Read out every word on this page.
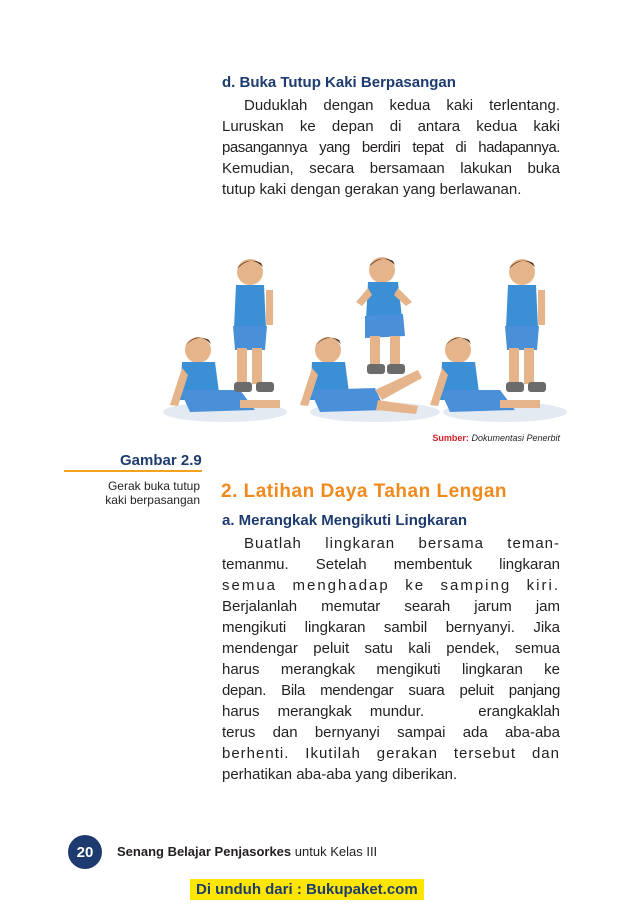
d. Buka Tutup Kaki Berpasangan
Duduklah dengan kedua kaki terlentang.
Luruskan ke depan di antara kedua kaki
pasangannya yang berdiri tepat di hadapannya.
Kemudian, secara bersamaan lakukan buka
tutup kaki dengan gerakan yang berlawanan.
Sumber: Dokumentasi Penerbit
Gambar 2.9
Gerak buka tutup
kaki berpasangan 2. Latihan Daya Tahan Lengan
a. Merangkak Mengikuti Lingkaran
Buatlah lingkaran bersama teman-
temanmu. Setelah membentuk lingkaran
semua menghadap ke samping kiri.
Berjalanlah memutar searah jarum jam
mengikuti lingkaran sambil bernyanyi. Jika
mendengar peluit satu kali pendek, semua
harus merangkak mengikuti lingkaran ke
depan. Bila mendengar suara peluit panjang
harus merangkak mundur.   erangkaklah
terus dan bernyanyi sampai ada aba-aba
berhenti. Ikutilah gerakan tersebut dan
perhatikan aba-aba yang diberikan.
20 Senang Belajar Penjasorkes untuk Kelas III
Di unduh dari : Bukupaket.com
